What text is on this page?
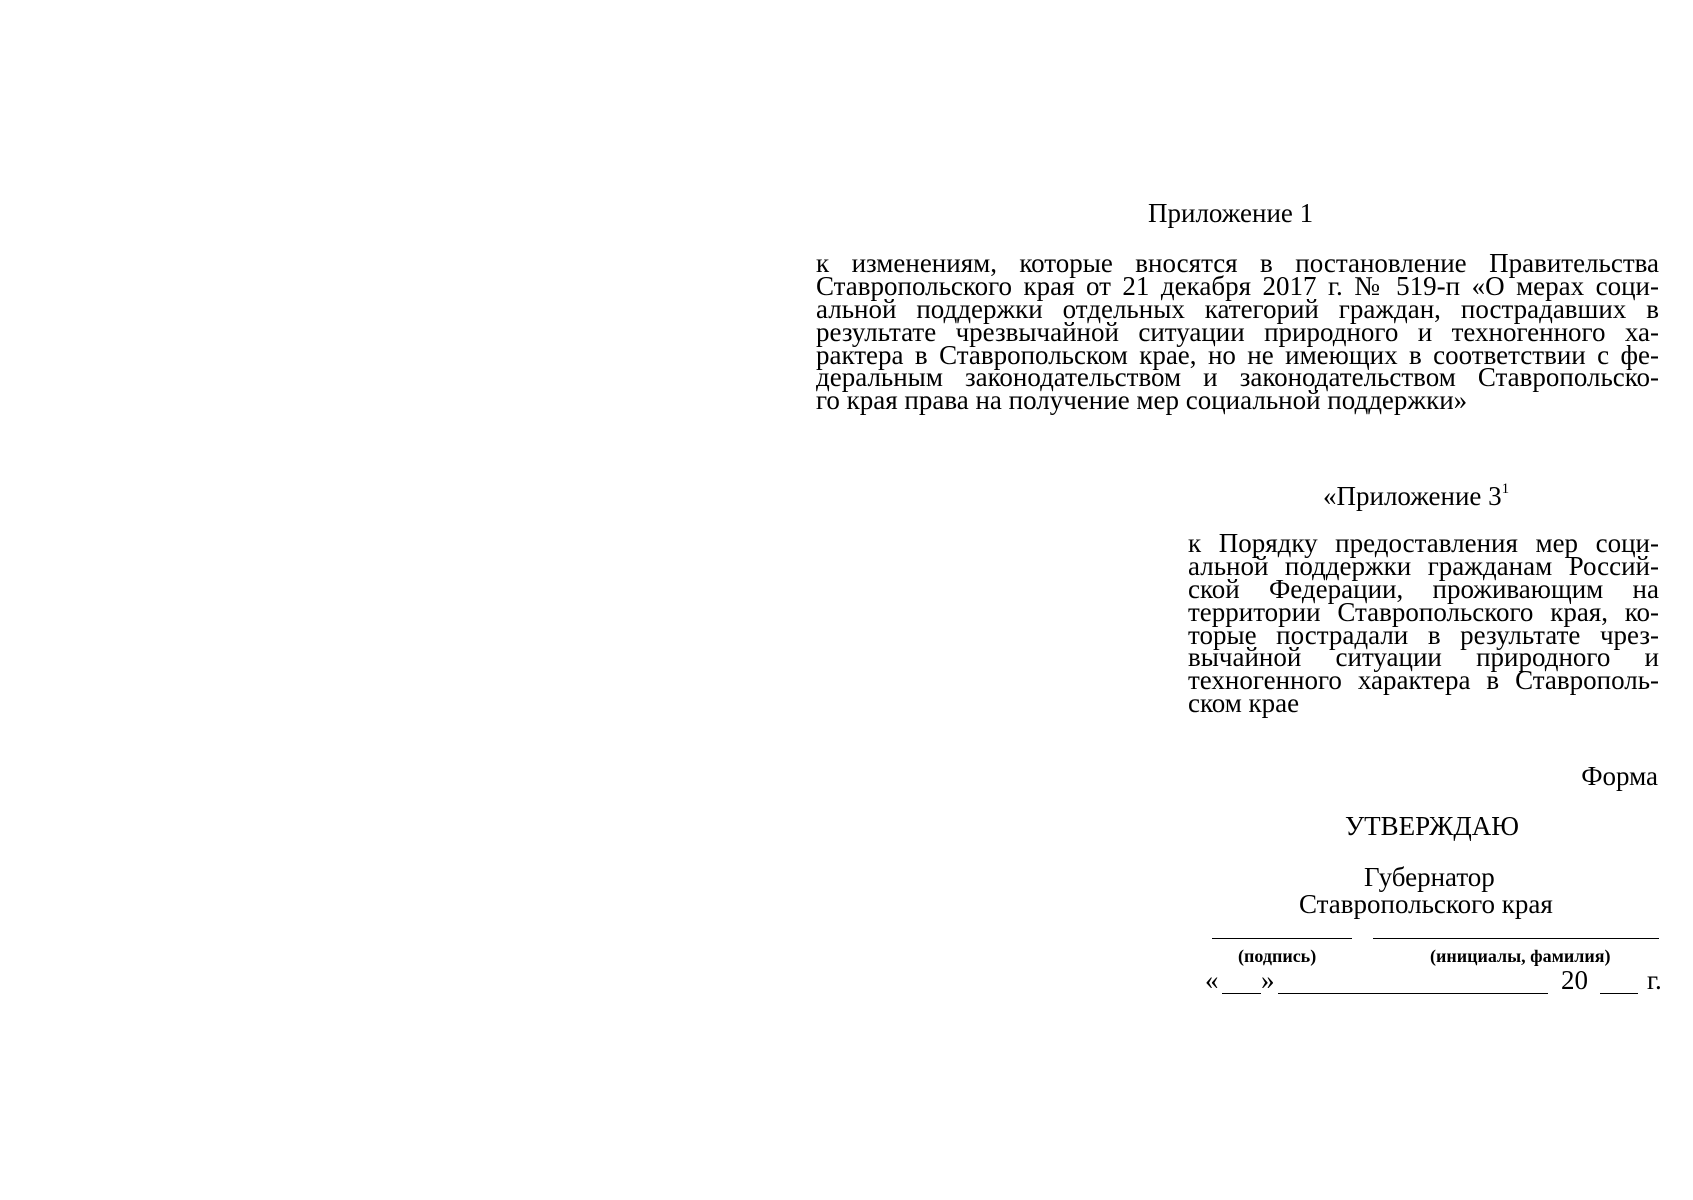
Приложение 1
к изменениям, которые вносятся в постановление Правительства
Ставропольского края от 21 декабря 2017 г. № 519-п «О мерах соци-
альной поддержки отдельных категорий граждан, пострадавших в
результате чрезвычайной ситуации природного и техногенного ха-
рактера в Ставропольском крае, но не имеющих в соответствии с фе-
деральным законодательством и законодательством Ставропольско-
го края права на получение мер социальной поддержки»
«Приложение $3^1$
к Порядку предоставления мер соци-
альной поддержки гражданам Россий-
ской Федерации, проживающим на
территории Ставропольского края, ко-
торые пострадали в результате чрез-
вычайной ситуации природного и
техногенного характера в Ставрополь-
ском крае
Форма
УТВЕРЖДАЮ
Губернатор
Ставропольского края
(подпись)	(инициалы, фамилия)
« »	20 г.
